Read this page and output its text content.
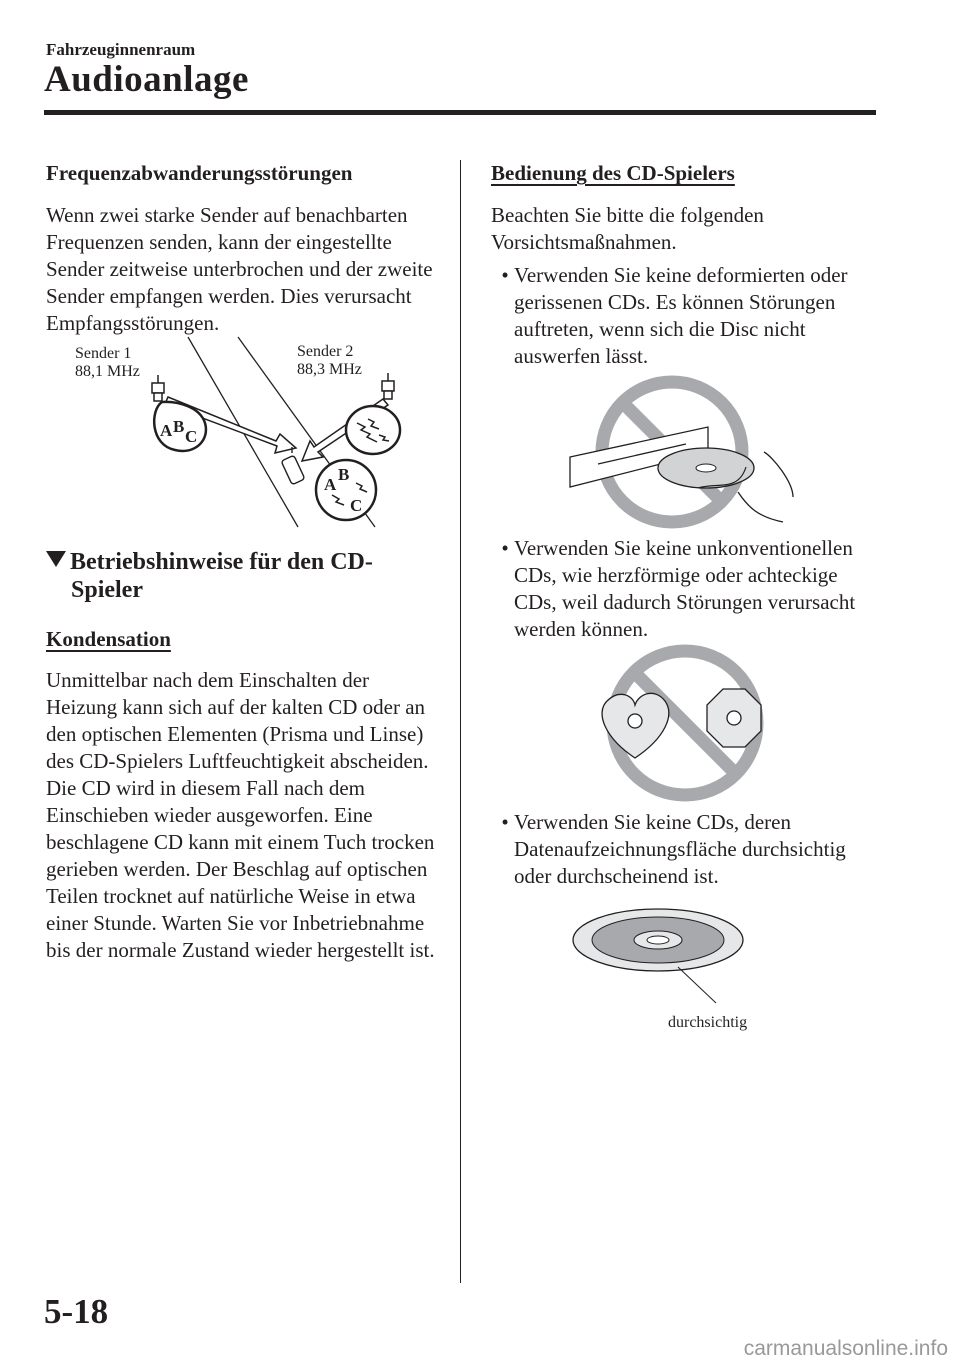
Fahrzeuginnenraum
Audioanlage

Frequenzabwanderungsstörungen

Wenn zwei starke Sender auf benachbarten Frequenzen senden, kann der eingestellte Sender zeitweise unterbrochen und der zweite Sender empfangen werden. Dies verursacht Empfangsstörungen.

Sender 1
88,1 MHz
Sender 2
88,3 MHz
A B
C
A
B
C
Betriebshinweise für den CD-
Spieler

Kondensation

Unmittelbar nach dem Einschalten der Heizung kann sich auf der kalten CD oder an den optischen Elementen (Prisma und Linse) des CD-Spielers Luftfeuchtigkeit abscheiden. Die CD wird in diesem Fall nach dem Einschieben wieder ausgeworfen. Eine beschlagene CD kann mit einem Tuch trocken gerieben werden. Der Beschlag auf optischen Teilen trocknet auf natürliche Weise in etwa einer Stunde. Warten Sie vor Inbetriebnahme bis der normale Zustand wieder hergestellt ist.

Bedienung des CD-Spielers

Beachten Sie bitte die folgenden Vorsichtsmaßnahmen.

• Verwenden Sie keine deformierten oder gerissenen CDs. Es können Störungen auftreten, wenn sich die Disc nicht auswerfen lässt.

• Verwenden Sie keine unkonventionellen CDs, wie herzförmige oder achteckige CDs, weil dadurch Störungen verursacht werden können.

• Verwenden Sie keine CDs, deren Datenaufzeichnungsfläche durchsichtig oder durchscheinend ist.

durchsichtig
5-18
carmanualsonline.info
